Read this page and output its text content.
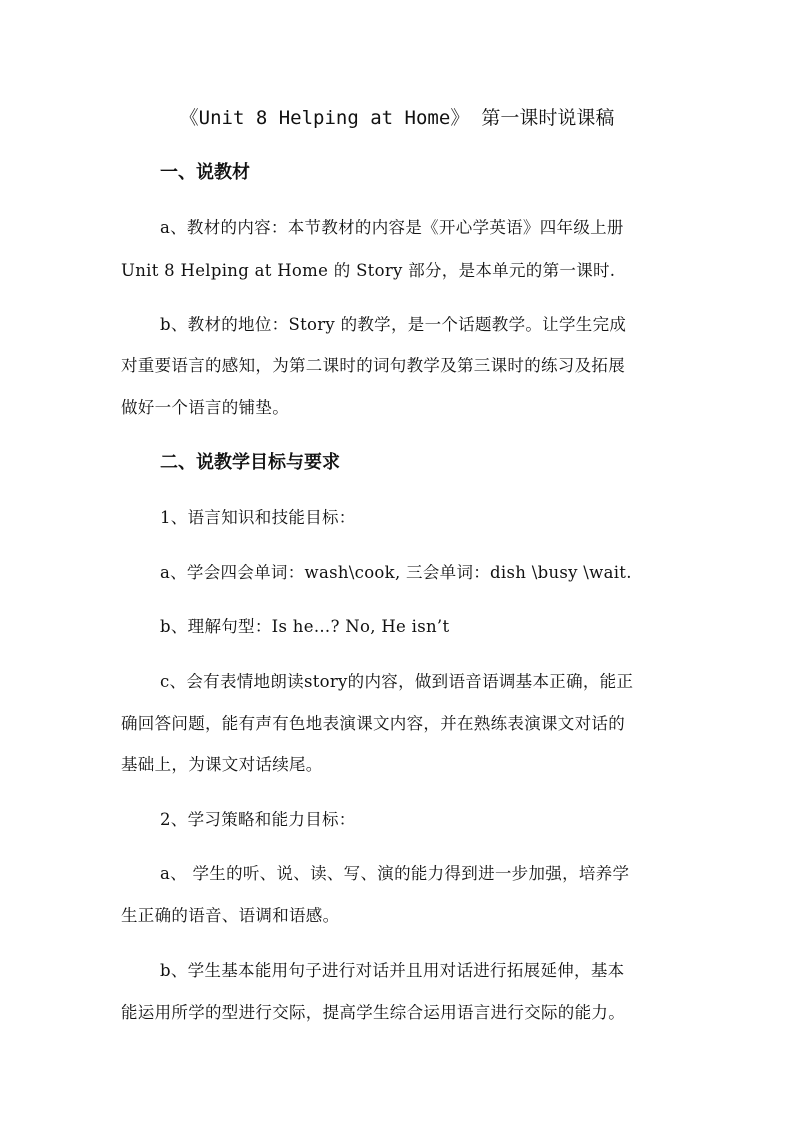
《Unit 8 Helping at Home》 第一课时说课稿
一、说教材
a、教材的内容：本节教材的内容是《开心学英语》四年级上册
Unit 8 Helping at Home 的 Story 部分，是本单元的第一课时.
b、教材的地位：Story 的教学，是一个话题教学。让学生完成
对重要语言的感知，为第二课时的词句教学及第三课时的练习及拓展
做好一个语言的铺垫。
二、说教学目标与要求
1、语言知识和技能目标：
a、学会四会单词：wash\cook, 三会单词：dish \busy \wait.
b、理解句型：Is he…? No, He isn’t
c、会有表情地朗读story的内容，做到语音语调基本正确，能正
确回答问题，能有声有色地表演课文内容，并在熟练表演课文对话的
基础上，为课文对话续尾。
2、学习策略和能力目标：
a、 学生的听、说、读、写、演的能力得到进一步加强，培养学
生正确的语音、语调和语感。
b、学生基本能用句子进行对话并且用对话进行拓展延伸，基本
能运用所学的型进行交际，提高学生综合运用语言进行交际的能力。
